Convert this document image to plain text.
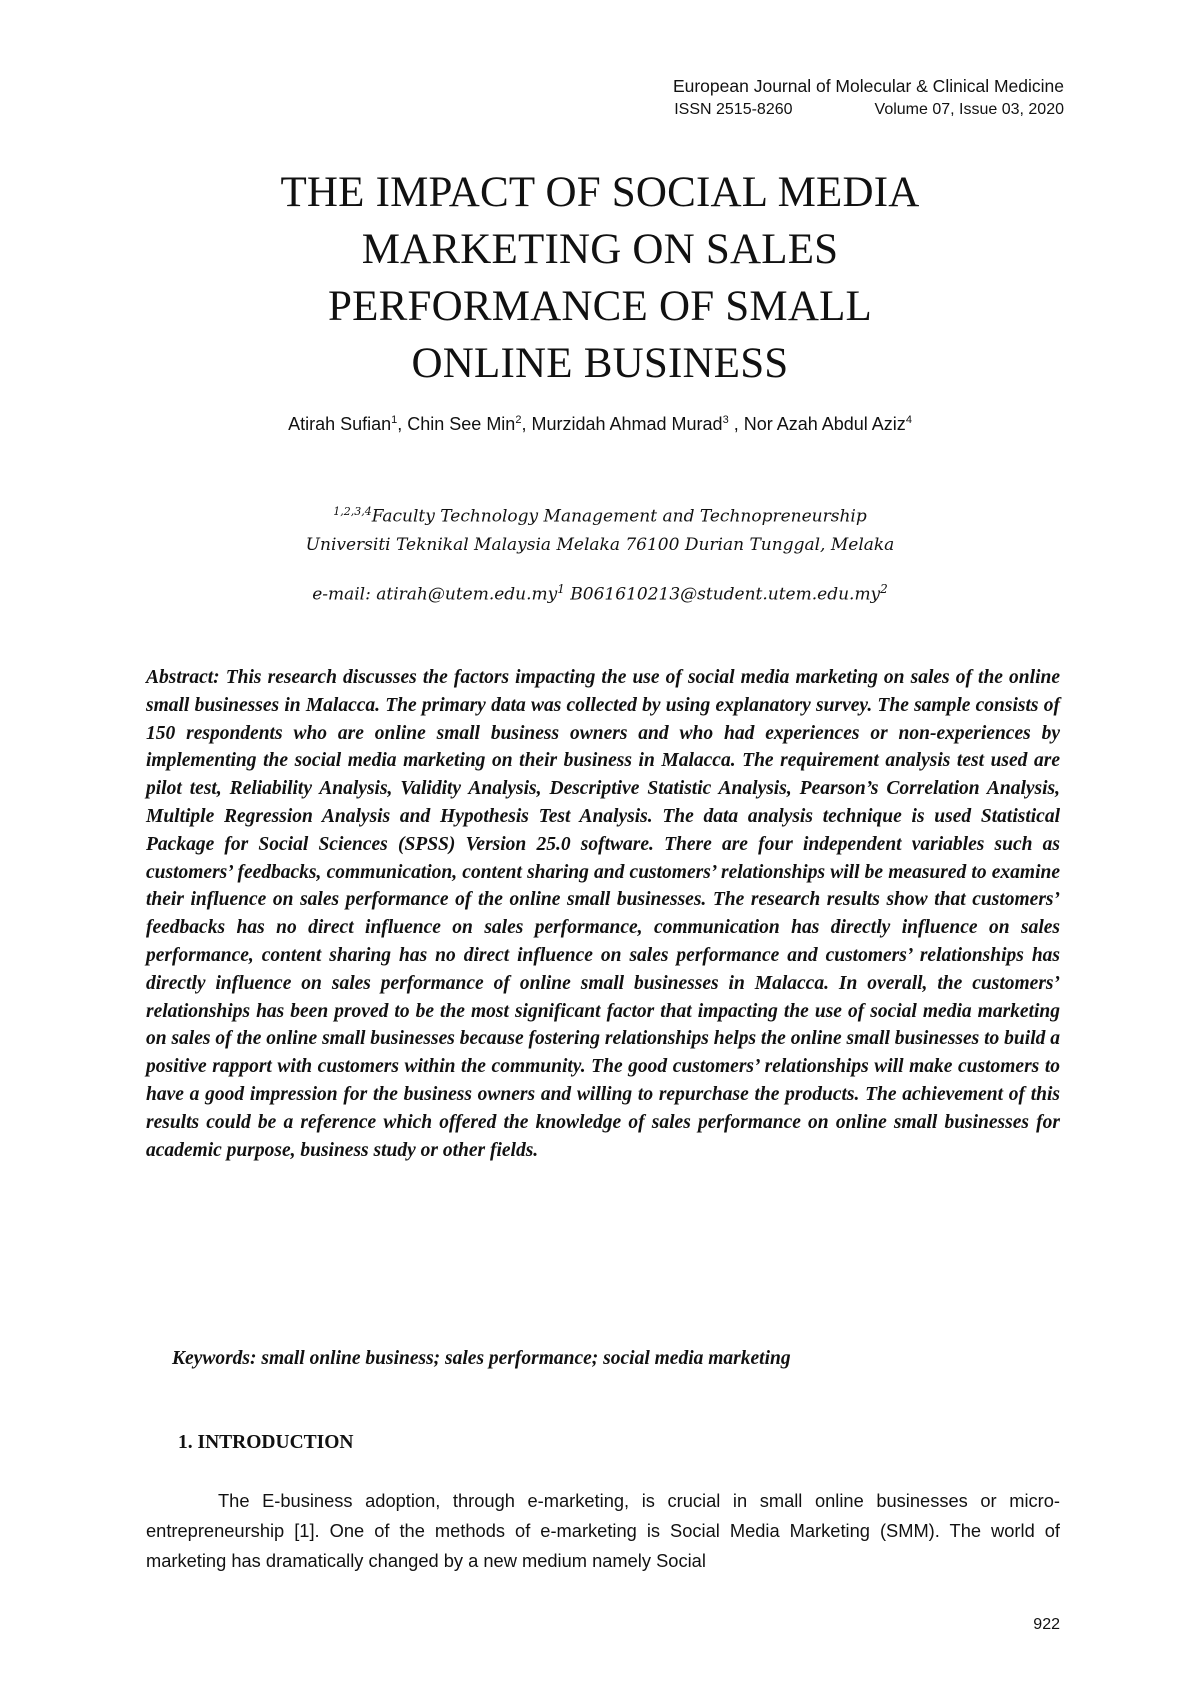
European Journal of Molecular & Clinical Medicine
ISSN 2515-8260	Volume 07, Issue 03, 2020
THE IMPACT OF SOCIAL MEDIA
MARKETING ON SALES
PERFORMANCE OF SMALL
ONLINE BUSINESS
Atirah Sufian$^1$, Chin See Min$^2$, Murzidah Ahmad Murad$^3$ , Nor Azah Abdul Aziz$^4$
$^{1,2,3,4}$Faculty Technology Management and Technopreneurship
Universiti Teknikal Malaysia Melaka 76100 Durian Tunggal, Melaka
e-mail: $atirah@utem.edu.my^1$ $B061610213@student.utem.edu.my^2$

Abstract: This research discusses the factors impacting the use of social media marketing on sales of the online small businesses in Malacca. The primary data was collected by using explanatory survey. The sample consists of 150 respondents who are online small business owners and who had experiences or non-experiences by implementing the social media marketing on their business in Malacca. The requirement analysis test used are pilot test, Reliability Analysis, Validity Analysis, Descriptive Statistic Analysis, Pearson’s Correlation Analysis, Multiple Regression Analysis and Hypothesis Test Analysis. The data analysis technique is used Statistical Package for Social Sciences (SPSS) Version 25.0 software. There are four independent variables such as customers’ feedbacks, communication, content sharing and customers’ relationships will be measured to examine their influence on sales performance of the online small businesses. The research results show that customers’ feedbacks has no direct influence on sales performance, communication has directly influence on sales performance, content sharing has no direct influence on sales performance and customers’ relationships has directly influence on sales performance of online small businesses in Malacca. In overall, the customers’ relationships has been proved to be the most significant factor that impacting the use of social media marketing on sales of the online small businesses because fostering relationships helps the online small businesses to build a positive rapport with customers within the community. The good customers’ relationships will make customers to have a good impression for the business owners and willing to repurchase the products. The achievement of this results could be a reference which offered the knowledge of sales performance on online small businesses for academic purpose, business study or other fields.

Keywords: small online business; sales performance; social media marketing
1. INTRODUCTION

The E-business adoption, through e-marketing, is crucial in small online businesses or micro-entrepreneurship [1]. One of the methods of e-marketing is Social Media Marketing (SMM). The world of marketing has dramatically changed by a new medium namely Social

922
